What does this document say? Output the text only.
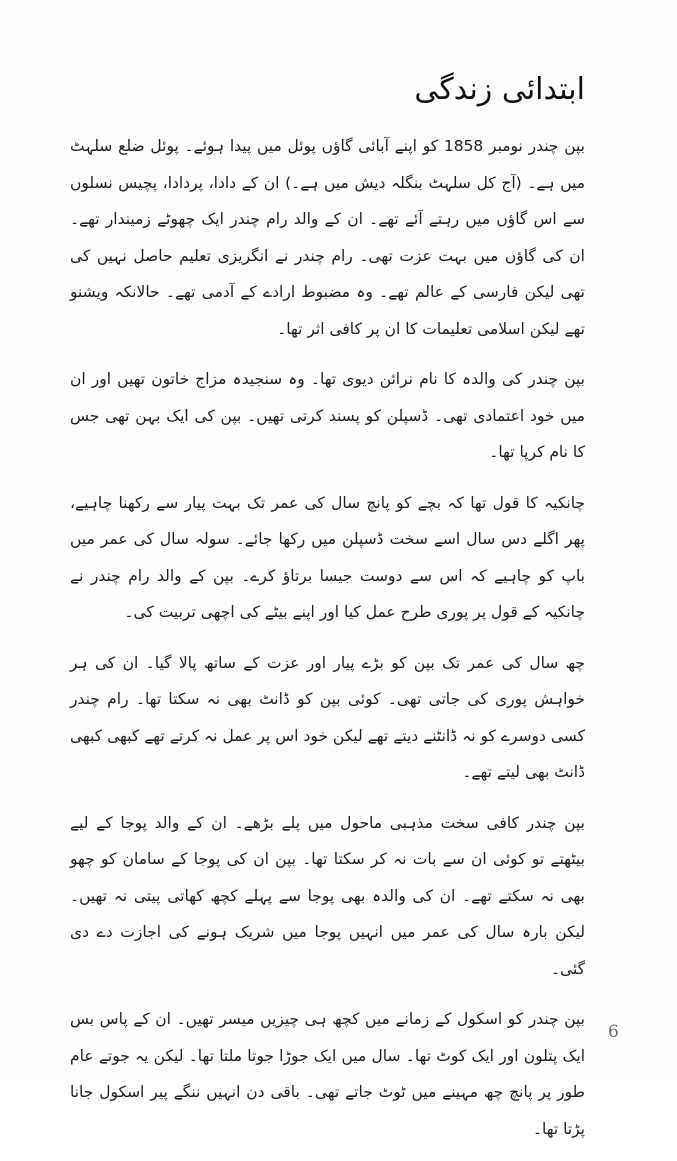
ابتدائی زندگی

بپن چندر نومبر 1858 کو اپنے آبائی گاؤں پوئل میں پیدا ہوئے۔ پوئل ضلع سلہٹ میں ہے۔ (آج کل سلہٹ بنگلہ دیش میں ہے۔) ان کے دادا، پردادا، پچیس نسلوں سے اس گاؤں میں رہتے آئے تھے۔ ان کے والد رام چندر ایک چھوٹے زمیندار تھے۔ ان کی گاؤں میں بہت عزت تھی۔ رام چندر نے انگریزی تعلیم حاصل نہیں کی تھی لیکن فارسی کے عالم تھے۔ وہ مضبوط ارادے کے آدمی تھے۔ حالانکہ ویشنو تھے لیکن اسلامی تعلیمات کا ان پر کافی اثر تھا۔

بپن چندر کی والدہ کا نام نرائن دیوی تھا۔ وہ سنجیدہ مزاج خاتون تھیں اور ان میں خود اعتمادی تھی۔ ڈسپلن کو پسند کرتی تھیں۔ بپن کی ایک بہن تھی جس کا نام کرپا تھا۔

چانکیہ کا قول تھا کہ بچے کو پانچ سال کی عمر تک بہت پیار سے رکھنا چاہیے، پھر اگلے دس سال اسے سخت ڈسپلن میں رکھا جائے۔ سولہ سال کی عمر میں باپ کو چاہیے کہ اس سے دوست جیسا برتاؤ کرے۔ بپن کے والد رام چندر نے چانکیہ کے قول پر پوری طرح عمل کیا اور اپنے بیٹے کی اچھی تربیت کی۔

چھ سال کی عمر تک بپن کو بڑے پیار اور عزت کے ساتھ پالا گیا۔ ان کی ہر خواہش پوری کی جاتی تھی۔ کوئی بپن کو ڈانٹ بھی نہ سکتا تھا۔ رام چندر کسی دوسرے کو نہ ڈانٹنے دیتے تھے لیکن خود اس پر عمل نہ کرتے تھے کبھی کبھی ڈانٹ بھی لیتے تھے۔

بپن چندر کافی سخت مذہبی ماحول میں پلے بڑھے۔ ان کے والد پوجا کے لیے بیٹھتے تو کوئی ان سے بات نہ کر سکتا تھا۔ بپن ان کی پوجا کے سامان کو چھو بھی نہ سکتے تھے۔ ان کی والدہ بھی پوجا سے پہلے کچھ کھاتی پیتی نہ تھیں۔ لیکن بارہ سال کی عمر میں انہیں پوجا میں شریک ہونے کی اجازت دے دی گئی۔

بپن چندر کو اسکول کے زمانے میں کچھ ہی چیزیں میسر تھیں۔ ان کے پاس بس ایک پتلون اور ایک کوٹ تھا۔ سال میں ایک جوڑا جوتا ملتا تھا۔ لیکن یہ جوتے عام طور پر پانچ چھ مہینے میں ٹوٹ جاتے تھی۔ باقی دن انہیں ننگے پیر اسکول جانا پڑتا تھا۔

6
